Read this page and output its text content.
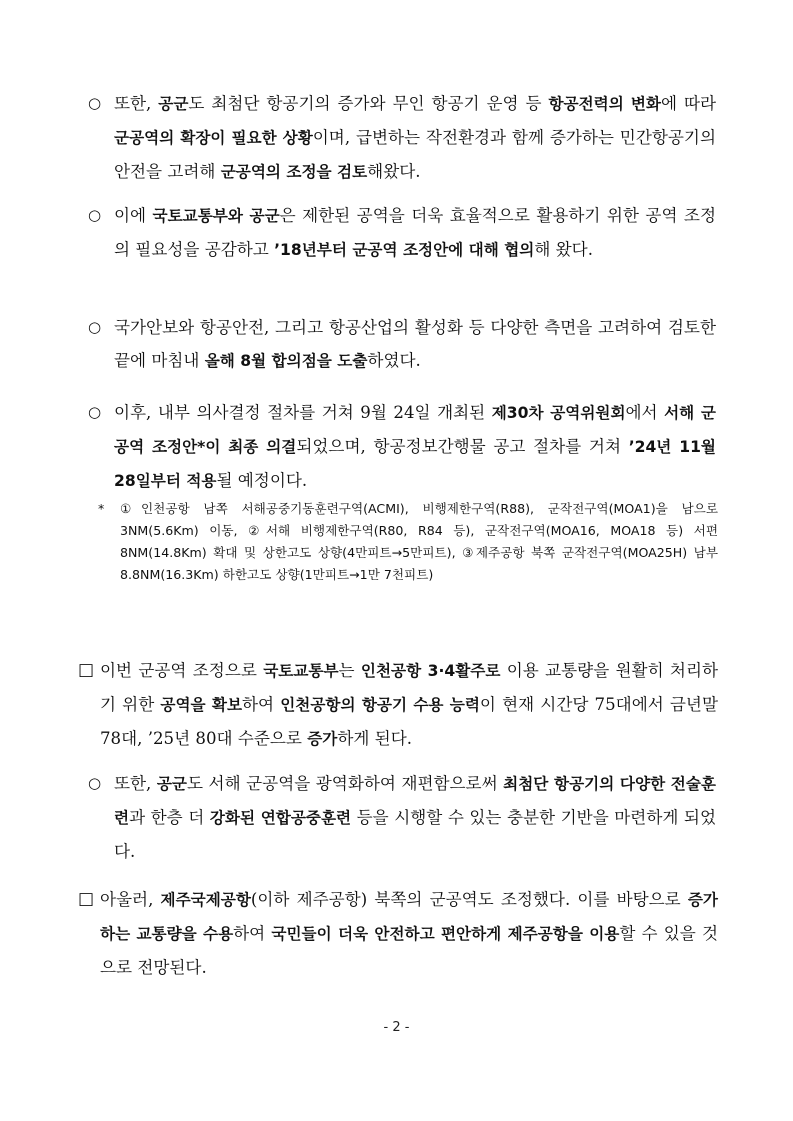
○ 또한, 공군도 최첨단 항공기의 증가와 무인 항공기 운영 등 항공전력의 변화에 따라 군공역의 확장이 필요한 상황이며, 급변하는 작전환경과 함께 증가하는 민간항공기의 안전을 고려해 군공역의 조정을 검토해왔다.
○ 이에 국토교통부와 공군은 제한된 공역을 더욱 효율적으로 활용하기 위한 공역 조정의 필요성을 공감하고 ’18년부터 군공역 조정안에 대해 협의해 왔다.
○ 국가안보와 항공안전, 그리고 항공산업의 활성화 등 다양한 측면을 고려하여 검토한 끝에 마침내 올해 8월 합의점을 도출하였다.
○ 이후, 내부 의사결정 절차를 거쳐 9월 24일 개최된 제30차 공역위원회에서 서해 군공역 조정안*이 최종 의결되었으며, 항공정보간행물 공고 절차를 거쳐 ’24년 11월 28일부터 적용될 예정이다.
* ①인천공항 남쪽 서해공중기동훈련구역(ACMI), 비행제한구역(R88), 군작전구역(MOA1)을 남으로 3NM(5.6Km) 이동, ②서해 비행제한구역(R80, R84 등), 군작전구역(MOA16, MOA18 등) 서편 8NM(14.8Km) 확대 및 상한고도 상향(4만피트→5만피트), ③제주공항 북쪽 군작전구역(MOA25H) 남부 8.8NM(16.3Km) 하한고도 상향(1만피트→1만 7천피트)
□ 이번 군공역 조정으로 국토교통부는 인천공항 3·4활주로 이용 교통량을 원활히 처리하기 위한 공역을 확보하여 인천공항의 항공기 수용 능력이 현재 시간당 75대에서 금년말 78대, ’25년 80대 수준으로 증가하게 된다.
○ 또한, 공군도 서해 군공역을 광역화하여 재편함으로써 최첨단 항공기의 다양한 전술훈련과 한층 더 강화된 연합공중훈련 등을 시행할 수 있는 충분한 기반을 마련하게 되었다.
□ 아울러, 제주국제공항(이하 제주공항) 북쪽의 군공역도 조정했다. 이를 바탕으로 증가하는 교통량을 수용하여 국민들이 더욱 안전하고 편안하게 제주공항을 이용할 수 있을 것으로 전망된다.
- 2 -
